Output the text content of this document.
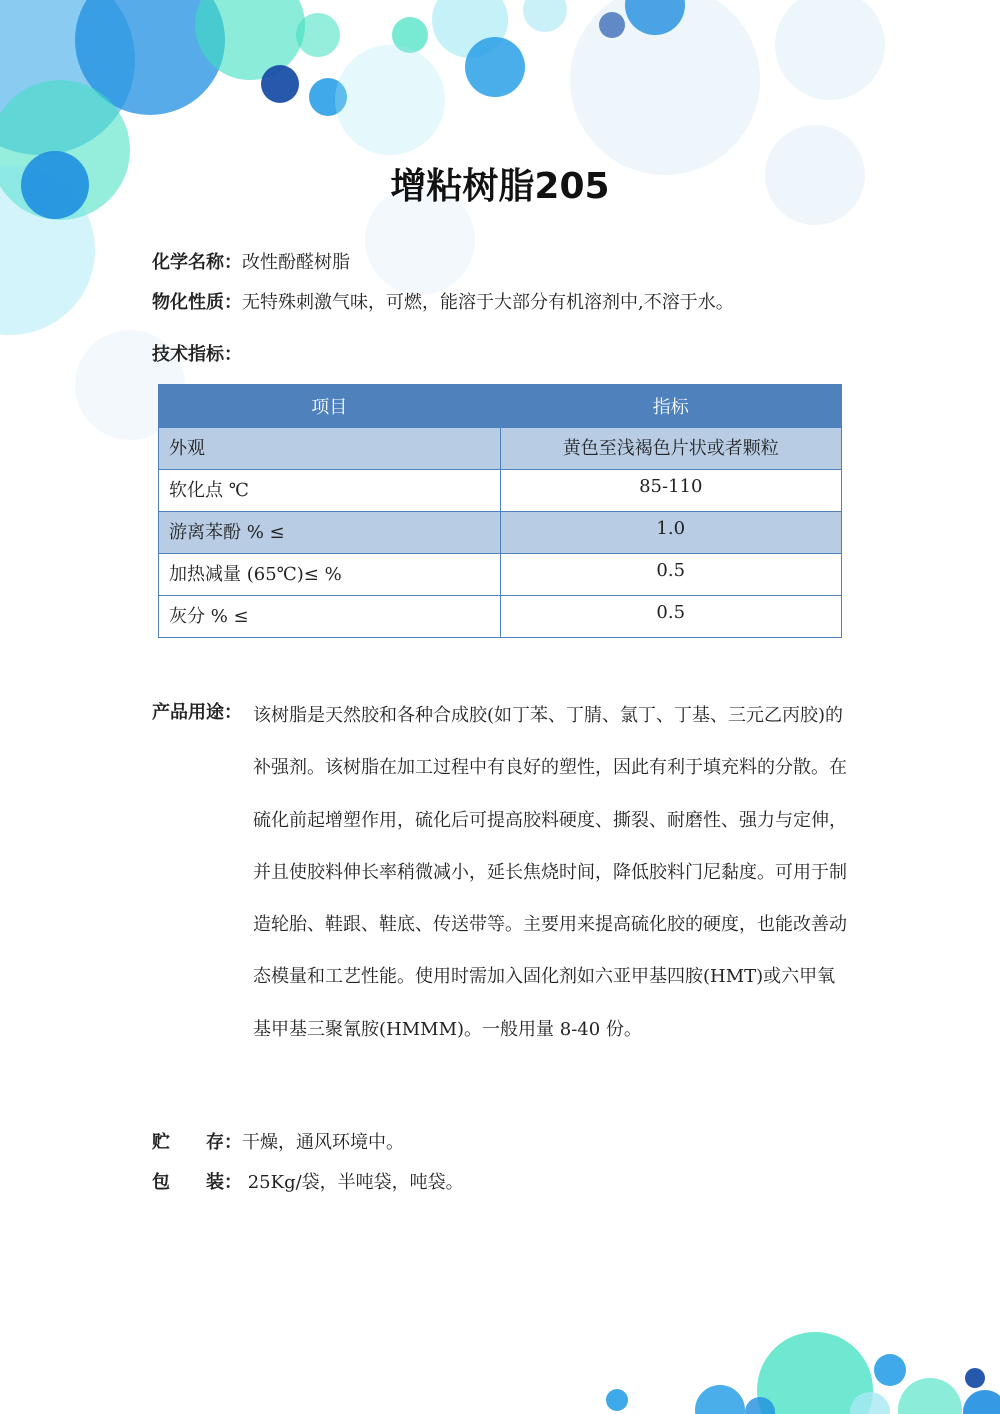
增粘树脂205
化学名称：改性酚醛树脂
物化性质：无特殊刺激气味，可燃，能溶于大部分有机溶剂中,不溶于水。
技术指标：
项目	指标
外观	黄色至浅褐色片状或者颗粒
软化点 ℃	85-110
游离苯酚 % ≤	1.0
加热减量 (65℃)≤ %	0.5
灰分 % ≤	0.5
产品用途： 该树脂是天然胶和各种合成胶(如丁苯、丁腈、氯丁、丁基、三元乙丙胶)的补强剂。该树脂在加工过程中有良好的塑性，因此有利于填充料的分散。在硫化前起增塑作用，硫化后可提高胶料硬度、撕裂、耐磨性、强力与定伸，并且使胶料伸长率稍微减小，延长焦烧时间，降低胶料门尼黏度。可用于制造轮胎、鞋跟、鞋底、传送带等。主要用来提高硫化胶的硬度，也能改善动态模量和工艺性能。使用时需加入固化剂如六亚甲基四胺(HMT)或六甲氧基甲基三聚氰胺(HMMM)。一般用量 8-40 份。
贮　　存：干燥，通风环境中。
包　　装： 25Kg/袋，半吨袋，吨袋。
